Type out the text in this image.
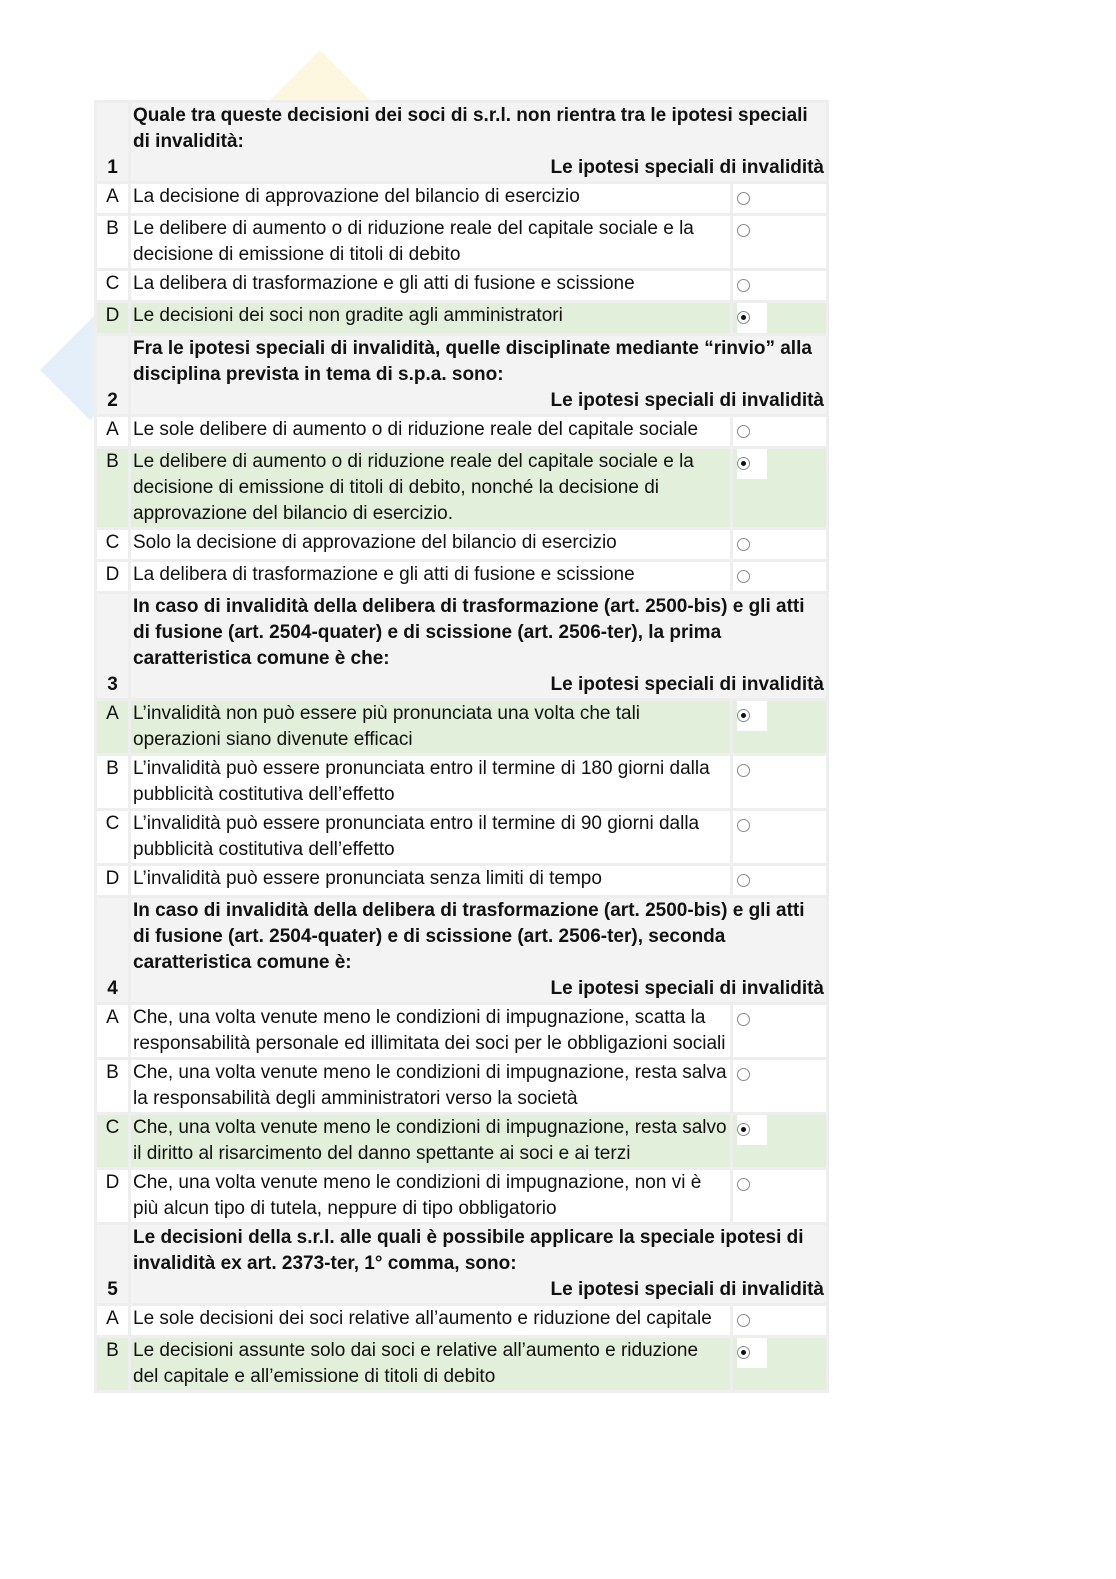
1	Quale tra queste decisioni dei soci di s.r.l. non rientra tra le ipotesi speciali di invalidità:
Le ipotesi speciali di invalidità	

A	La decisione di approvazione del bilancio di esercizio	
B	Le delibere di aumento o di riduzione reale del capitale sociale e la decisione di emissione di titoli di debito	
C	La delibera di trasformazione e gli atti di fusione e scissione	
D	Le decisioni dei soci non gradite agli amministratori	
2	Fra le ipotesi speciali di invalidità, quelle disciplinate mediante “rinvio” alla disciplina prevista in tema di s.p.a. sono:
Le ipotesi speciali di invalidità	

A	Le sole delibere di aumento o di riduzione reale del capitale sociale	
B	Le delibere di aumento o di riduzione reale del capitale sociale e la decisione di emissione di titoli di debito, nonché la decisione di approvazione del bilancio di esercizio.	
C	Solo la decisione di approvazione del bilancio di esercizio	
D	La delibera di trasformazione e gli atti di fusione e scissione	
3	In caso di invalidità della delibera di trasformazione (art. 2500-bis) e gli atti di fusione (art. 2504-quater) e di scissione (art. 2506-ter), la prima caratteristica comune è che:
Le ipotesi speciali di invalidità	

A	L’invalidità non può essere più pronunciata una volta che tali operazioni siano divenute efficaci	
B	L’invalidità può essere pronunciata entro il termine di 180 giorni dalla pubblicità costitutiva dell’effetto	
C	L’invalidità può essere pronunciata entro il termine di 90 giorni dalla pubblicità costitutiva dell’effetto	
D	L’invalidità può essere pronunciata senza limiti di tempo	
4	In caso di invalidità della delibera di trasformazione (art. 2500-bis) e gli atti di fusione (art. 2504-quater) e di scissione (art. 2506-ter), seconda caratteristica comune è:
Le ipotesi speciali di invalidità	

A	Che, una volta venute meno le condizioni di impugnazione, scatta la responsabilità personale ed illimitata dei soci per le obbligazioni sociali	
B	Che, una volta venute meno le condizioni di impugnazione, resta salva la responsabilità degli amministratori verso la società	
C	Che, una volta venute meno le condizioni di impugnazione, resta salvo il diritto al risarcimento del danno spettante ai soci e ai terzi	
D	Che, una volta venute meno le condizioni di impugnazione, non vi è più alcun tipo di tutela, neppure di tipo obbligatorio	
5	Le decisioni della s.r.l. alle quali è possibile applicare la speciale ipotesi di invalidità ex art. 2373-ter, 1° comma, sono:
Le ipotesi speciali di invalidità	

A	Le sole decisioni dei soci relative all’aumento e riduzione del capitale	
B	Le decisioni assunte solo dai soci e relative all’aumento e riduzione del capitale e all’emissione di titoli di debito	
